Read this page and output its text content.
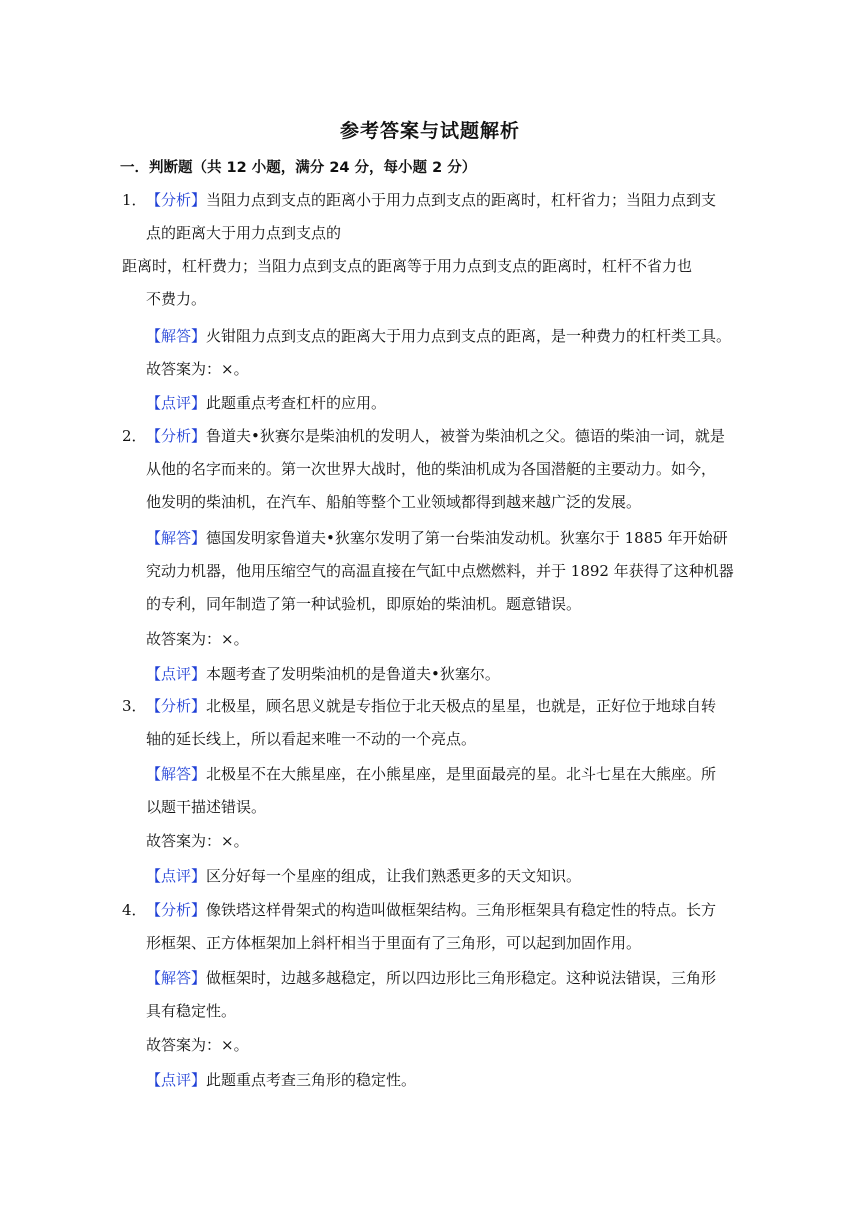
参考答案与试题解析
一．判断题（共 12 小题，满分 24 分，每小题 2 分）
1． 【分析】当阻力点到支点的距离小于用力点到支点的距离时，杠杆省力；当阻力点到支
点的距离大于用力点到支点的
距离时，杠杆费力；当阻力点到支点的距离等于用力点到支点的距离时，杠杆不省力也
不费力。
【解答】火钳阻力点到支点的距离大于用力点到支点的距离，是一种费力的杠杆类工具。
故答案为：×。
【点评】此题重点考查杠杆的应用。
2． 【分析】鲁道夫•狄赛尔是柴油机的发明人，被誉为柴油机之父。德语的柴油一词，就是
从他的名字而来的。第一次世界大战时，他的柴油机成为各国潜艇的主要动力。如今，
他发明的柴油机，在汽车、船舶等整个工业领域都得到越来越广泛的发展。
【解答】德国发明家鲁道夫•狄塞尔发明了第一台柴油发动机。狄塞尔于 1885 年开始研
究动力机器，他用压缩空气的高温直接在气缸中点燃燃料，并于 1892 年获得了这种机器
的专利，同年制造了第一种试验机，即原始的柴油机。题意错误。
故答案为：×。
【点评】本题考查了发明柴油机的是鲁道夫•狄塞尔。
3． 【分析】北极星，顾名思义就是专指位于北天极点的星星，也就是，正好位于地球自转
轴的延长线上，所以看起来唯一不动的一个亮点。
【解答】北极星不在大熊星座，在小熊星座，是里面最亮的星。北斗七星在大熊座。所
以题干描述错误。
故答案为：×。
【点评】区分好每一个星座的组成，让我们熟悉更多的天文知识。
4． 【分析】像铁塔这样骨架式的构造叫做框架结构。三角形框架具有稳定性的特点。长方
形框架、正方体框架加上斜杆相当于里面有了三角形，可以起到加固作用。
【解答】做框架时，边越多越稳定，所以四边形比三角形稳定。这种说法错误，三角形
具有稳定性。
故答案为：×。
【点评】此题重点考查三角形的稳定性。
